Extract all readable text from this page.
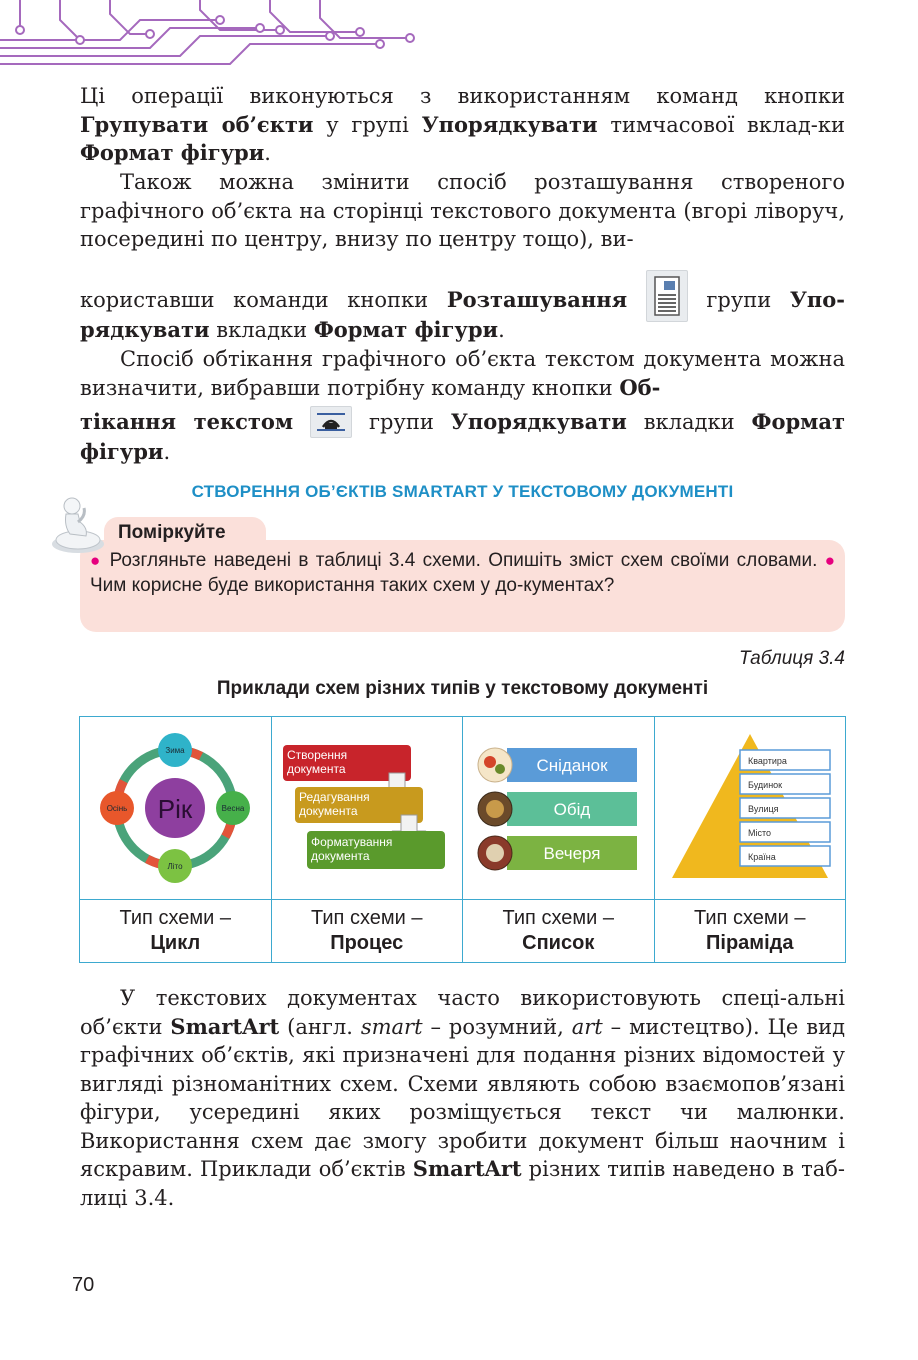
Ці операції виконуються з використанням команд кнопки Групувати об’єкти у групі Упорядкувати тимчасової вклад-ки Формат фігури.

Також можна змінити спосіб розташування створеного графічного об’єкта на сторінці текстового документа (вгорі ліворуч, посередині по центру, внизу по центру тощо), ви-

користавши команди кнопки Розташування	групи Упо-

рядкувати вкладки Формат фігури.

Спосіб обтікання графічного об’єкта текстом документа можна визначити, вибравши потрібну команду кнопки Об-

тікання текстом	групи Упорядкувати вкладки Формат

фігури.

СТВОРЕННЯ ОБ’ЄКТІВ SMARTART У ТЕКСТОВОМУ ДОКУМЕНТІ
Поміркуйте

● Розгляньте наведені в таблиці 3.4 схеми. Опишіть зміст схем своїми словами. ● Чим корисне буде використання таких схем у до-кументах?

Таблиця 3.4
Приклади схем різних типів у текстовому документі
Рік
Зима
Весна
Літо
Осінь	Створення документа
Редагування документа
Форматування документа	Сніданок
Обід
Вечеря	Квартира
Будинок
Вулиця
Місто
Країна

Тип схеми –
Цикл	Тип схеми –
Процес	Тип схеми –
Список	Тип схеми –
Піраміда

У текстових документах часто використовують спеці-альні об’єкти SmartArt (англ. smart – розумний, art – мистецтво). Це вид графічних об’єктів, які призначені для подання різних відомостей у вигляді різноманітних схем. Схеми являють собою взаємопов’язані фігури, усередині яких розміщується текст чи малюнки. Використання схем дає змогу зробити документ більш наочним і яскравим. Приклади об’єктів SmartArt різних типів наведено в таб-лиці 3.4.

70
